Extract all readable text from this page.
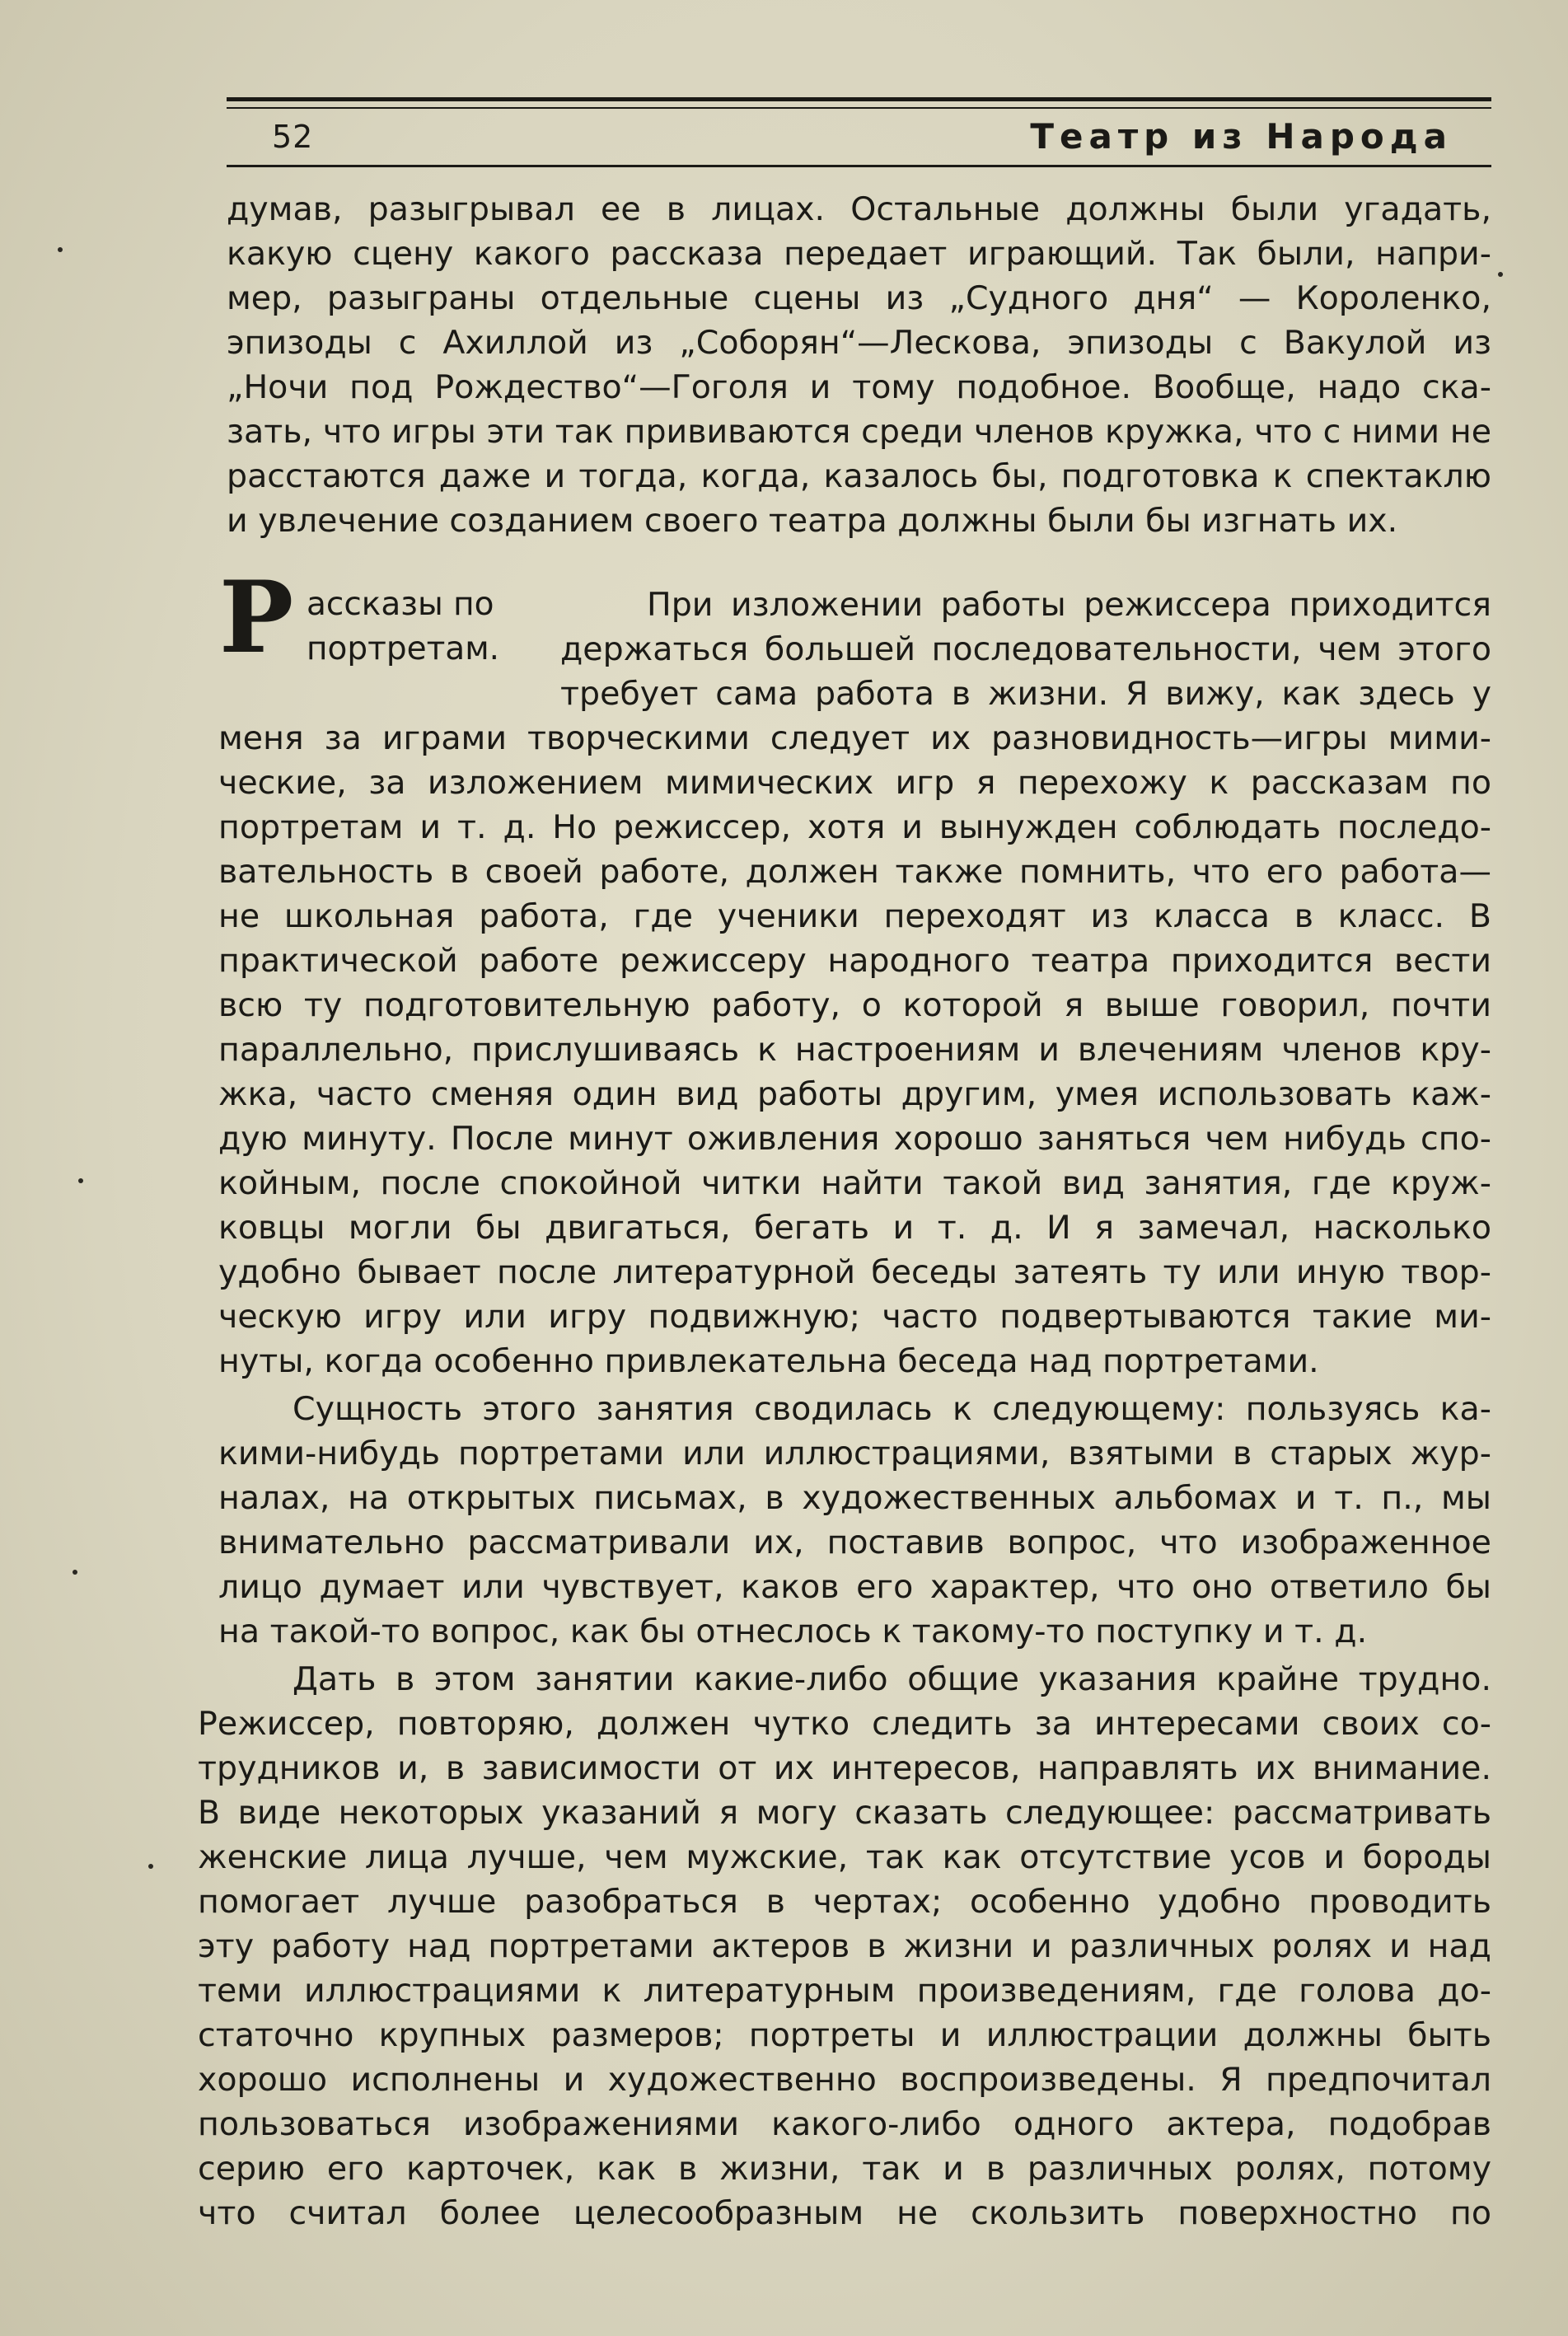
52	Театр из Народа
думав, разыгрывал ее в лицах. Остальные должны были угадать,
какую сцену какого рассказа передает играющий. Так были, напри-
мер, разыграны отдельные сцены из „Судного дня“ — Короленко,
эпизоды с Ахиллой из „Соборян“—Лескова, эпизоды с Вакулой из
„Ночи под Рождество“—Гоголя и тому подобное. Вообще, надо ска-
зать, что игры эти так прививаются среди членов кружка, что с ними не
расстаются даже и тогда, когда, казалось бы, подготовка к спектаклю
и увлечение созданием своего театра должны были бы изгнать их.
Р ассказы по
портретам.
При изложении работы режиссера приходится
держаться большей последовательности, чем этого
требует сама работа в жизни. Я вижу, как здесь у
меня за играми творческими следует их разновидность—игры мими-
ческие, за изложением мимических игр я перехожу к рассказам по
портретам и т. д. Но режиссер, хотя и вынужден соблюдать последо-
вательность в своей работе, должен также помнить, что его работа—
не школьная работа, где ученики переходят из класса в класс. В
практической работе режиссеру народного театра приходится вести
всю ту подготовительную работу, о которой я выше говорил, почти
параллельно, прислушиваясь к настроениям и влечениям членов кру-
жка, часто сменяя один вид работы другим, умея использовать каж-
дую минуту. После минут оживления хорошо заняться чем нибудь спо-
койным, после спокойной читки найти такой вид занятия, где круж-
ковцы могли бы двигаться, бегать и т. д. И я замечал, насколько
удобно бывает после литературной беседы затеять ту или иную твор-
ческую игру или игру подвижную; часто подвертываются такие ми-
нуты, когда особенно привлекательна беседа над портретами.
Сущность этого занятия сводилась к следующему: пользуясь ка-
кими-нибудь портретами или иллюстрациями, взятыми в старых жур-
налах, на открытых письмах, в художественных альбомах и т. п., мы
внимательно рассматривали их, поставив вопрос, что изображенное
лицо думает или чувствует, каков его характер, что оно ответило бы
на такой-то вопрос, как бы отнеслось к такому-то поступку и т. д.
Дать в этом занятии какие-либо общие указания крайне трудно.
Режиссер, повторяю, должен чутко следить за интересами своих со-
трудников и, в зависимости от их интересов, направлять их внимание.
В виде некоторых указаний я могу сказать следующее: рассматривать
женские лица лучше, чем мужские, так как отсутствие усов и бороды
помогает лучше разобраться в чертах; особенно удобно проводить
эту работу над портретами актеров в жизни и различных ролях и над
теми иллюстрациями к литературным произведениям, где голова до-
статочно крупных размеров; портреты и иллюстрации должны быть
хорошо исполнены и художественно воспроизведены. Я предпочитал
пользоваться изображениями какого-либо одного актера, подобрав
серию его карточек, как в жизни, так и в различных ролях, потому
что считал более целесообразным не скользить поверхностно по
